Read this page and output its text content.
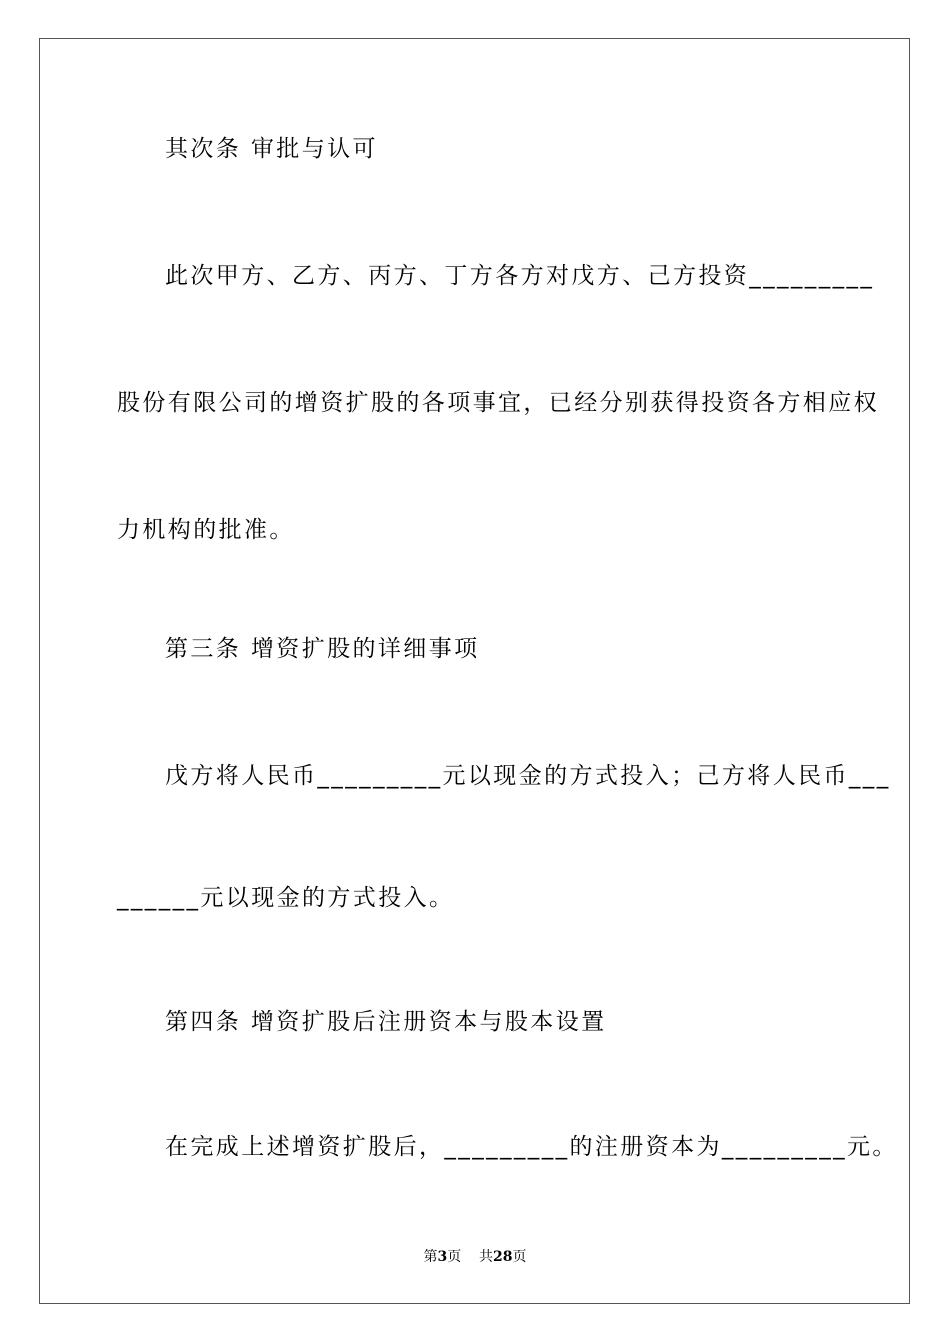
其次条 审批与认可
此次甲方、乙方、丙方、丁方各方对戊方、己方投资_________
股份有限公司的增资扩股的各项事宜，已经分别获得投资各方相应权
力机构的批准。
第三条 增资扩股的详细事项
戊方将人民币_________元以现金的方式投入；己方将人民币___
______元以现金的方式投入。
第四条 增资扩股后注册资本与股本设置
在完成上述增资扩股后，_________的注册资本为_________元。
第3页    共28页
